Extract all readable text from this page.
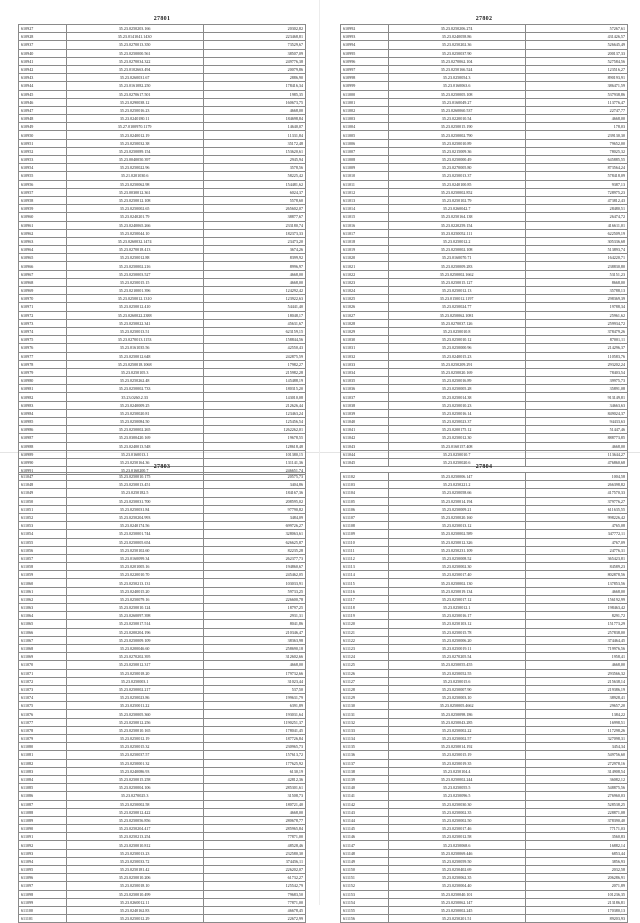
27801
610927	35.23.0250203.166	20302,82
610928	35.23.0141041.1430	223468,81
610937	35.23.0270013.350	73529,67
610940	35.23.0250000.561	38507,09
610941	35.23.0270034.322	249776,38
610942	35.23.0102663.494	20079,86
610943	35.23.0260031.67	2886,90
610944	35.23.0161082.250	178416,34
610945	35.23.0270617.501	1985,35
610946	35.23.0290038.12	160673,75
610947	35.23.0250016.23	4668,00
610948	35.23.0240180.11	184698,84
610949	35.27.0100970.1179	14640,07
610950	35.23.0240012.19	11331,84
610951	35.23.0250032.38	35172,48
610952	35.23.0250089.154	153620,61
610953	35.23.0040050.397	2945,94
610954	35.23.0250022.96	3578,56
610955	35.21.0201030.6	58225,42
610956	35.23.0250062.98	154481,62
610957	35.23.0030012.361	6024,37
610958	35.23.0250012.108	5578,60
610959	35.23.0250002.65	265602,07
610960	35.23.0240201.79	38877,67
610961	35.23.0240065.266	233180,74
610962	35.23.0250044.10	182373,33
610963	35.23.0260032.1474	23473,20
610964	35.23.0270018.413	3674,26
610965	35.23.0250012.88	8399,92
610966	35.23.0250002.216	8996,97
610967	35.23.0250003.527	4668,00
610968	35.23.0250015.15	4668,00
610969	35.23.0210001.396	124292,42
610970	35.23.0250012.1310	123922,63
610971	35.23.0250012.410	54441,40
610972	35.23.0260022.2388	18048,17
610973	35.23.0250022.341	45631,67
610974	35.23.0250013.51	623159,15
610975	35.23.0270013.1153	158844,56
610976	35.23.0161035.56	42550,43
610977	35.23.0250012.648	242875,59
610978	35.23.0250018.1068	17982,27
610979	35.23.0250105.3	215982,28
610980	35.23.0250262.48	145488,19
610981	35.23.0250002.733	180315,20
610982	35.23.0260.2.33	143010,08
610983	35.23.0240009.25	212626,44
610984	35.23.0250020.81	123463,24
610985	35.23.0250084.50	125456,54
610986	35.23.0250002.265	1262262,01
610987	35.23.0300420.169	19678,55
610988	35.23.0240013.548	128618,48
610989	35.23.0160013.1	101380,15
610990	35.23.0250164.36	131141,36
610991	35.23.0160200.7	246651,74
27802
610992	35.23.0250206.274	57267,61
610993	35.23.0240058.86	431426,57
610994	35.23.0250202.36	526645,49
610995	35.23.0250037.90	200137,33
610996	35.23.0270062.104	527584,56
610997	35.23.0250166.524	123516,27
610998	35.23.0250054.3	890193,91
610999	35.23.0160063.6	386471,59
611000	35.23.0250005.108	537938,86
611001	35.23.0160049.27	113776,47
611002	35.23.0260060.537	22747,77
611003	35.23.0220010.54	4668,00
611004	35.23.0250015.190	178,03
611005	35.23.0250002.790	239130,30
611006	35.23.0250010.89	79652,00
611007	35.23.0215009.36	78025,32
611008	35.23.0250000.49	645885,55
611009	35.23.0270005.80	873564,24
611010	35.23.0250013.37	578418,09
611011	35.23.0240100.85	9387,13
611012	35.23.0250002.852	728975,23
611013	35.23.0250102.79	473812,43
611014	35.23.0260042.7	28480,51
611015	35.23.0250164.138	26474,72
611016	35.23.0220259.154	416611,01
611017	35.23.0250052.111	622509,19
611018	35.23.0250012.2	305336,68
611019	35.23.0250002.108	513893,74
611020	35.23.0160070.71	164220,71
611021	35.23.0250009.283	238830,80
611022	35.23.0250002.1662	53151,23
611023	35.23.0250015.127	8668,00
611024	35.23.0250012.13	35788,13
611025	35.23.0150012.1197	298369,39
611026	35.23.0250024.77	19788,34
611027	35.23.0250062.1081	25961,62
611028	35.23.0270037.126	259934,72
611029	35.23.0250010.8	378479,26
611030	35.23.0250010.12	87001,11
611031	35.23.0250000.96	214296,37
611032	35.23.0240015.23	110583,76
611033	35.23.0250209.291	293202,24
611034	35.23.0250020.169	78403,54
611035	35.23.0250016.89	39975,73
611036	35.23.0250005.28	35891,08
611037	35.23.0250014.38	913149,81
611038	35.23.0250010.23	34663,63
611039	35.23.0250016.14	849024,37
611040	35.23.0250023.37	94433,63
611041	35.23.0200175.12	51447,46
611042	35.23.0250012.30	888773,85
611043	35.23.0160157.408	4668,00
611044	35.23.0250010.7	113644,27
611045	35.23.0250020.6	476860,68
27803
611047	35.23.0250010.175	20575,73
611048	35.23.0250013.451	3404,86
611049	35.23.0250182.5	184167,36
611050	35.23.0250031.700	208595,02
611051	35.23.0250031.84	97790,82
611052	35.23.0250204.993	3484,09
611053	35.23.0240174.56	699726,27
611054	35.23.0250001.744	328063,61
611055	35.23.0250005.654	626625,87
611056	35.23.0250102.60	82235,28
611057	35.23.0160099.34	262377,73
611058	35.23.0201005.16	194860,67
611059	35.23.0220010.70	245462,05
611060	35.23.0250213.131	103033,91
611061	35.23.0240015.20	59733,25
611062	35.23.0250079.16	226600,78
611063	35.23.0250010.124	18797,25
611064	35.23.0260097.398	2931,31
611065	35.23.0250017.514	8041,86
611066	35.23.0200204.196	210346,47
611067	35.23.0250009.109	38363,98
611068	35.23.0200046.60	258690,18
611069	35.23.0270202.395	312602,66
611070	35.23.0250012.317	4668,00
611071	35.23.0250018.20	179732,66
611072	35.23.0250003.1	31023,44
611073	35.23.0250002.217	537,50
611074	35.23.0250023.86	199631,79
611075	35.23.0250011.22	6391,89
611076	35.23.0250005.360	193031,64
611077	35.23.0250012.256	1190251,37
611078	35.23.0250010.165	178041,45
611079	35.23.0250012.19	187726,84
611080	35.23.0250015.32	230965,73
611081	35.23.0250037.57	157613,72
611082	35.23.0250001.32	177625,92
611083	35.23.0240086.93	6130,19
611084	35.23.0250015.258	42812,36
611085	35.23.0250004.106	285301,61
611086	35.23.0270025.3	31508,73
611087	35.23.0250002.58	180721,40
611088	35.23.0250012.422	4668,00
611089	35.23.0250056.856	280678,77
611090	35.23.0250204.417	285965,84
611091	35.23.0250213.254	77871,00
611092	35.23.0250010.812	48528,46
611093	35.23.0250013.23	232580,30
611094	35.23.0250033.72	374456,11
611095	35.23.0250181.42	226202,07
611096	35.23.0250010.206	61732,27
611097	35.23.0250018.10	125542,79
611098	35.23.0250010.499	79683,50
611099	35.23.0260012.11	77871,00
611100	35.23.0240162.83	46678,45
611101	35.23.0250012.29	22672,99
27804
611102	35.23.0250006.147	1004,58
611103	35.23.0250221.2	266398,82
611104	35.23.0250058.66	417570,33
611105	35.23.0250014.194	379776,27
611106	35.23.0250009.21	611635,55
611107	35.23.0250020.160	998226,42
611108	35.23.0250013.12	4765,08
611109	35.23.0250002.589	347772,11
611110	35.23.0250012.326	4767,09
611111	35.23.0250231.109	24776,31
611112	35.23.0250008.52	365423,81
611113	35.23.0250002.30	84589,23
611114	35.23.0250017.40	802878,56
611115	35.23.0250002.130	137853,56
611116	35.23.0250019.134	4668,00
611117	35.23.0250017.12	156192,99
611118	35.23.0250012.1	198463,42
611119	35.23.0250016.17	8291,72
611120	35.23.0250103.12	151773,29
611121	35.23.0250015.78	257838,00
611122	35.23.0250006.20	374464,45
611123	35.23.0250019.11	719976,56
611124	35.23.0270205.54	1958,41
611125	35.23.0250055.455	4668,00
611126	35.23.0250052.55	293566,32
611127	35.23.0250015.6	215638,14
611128	35.23.0250007.90	219386,19
611129	35.23.0250003.10	38928,41
611130	35.23.0250005.4662	29657,20
611131	35.23.0250098.186	1384,22
611132	35.23.0250043.285	16998,51
611133	35.23.0250002.22	117298,26
611134	35.23.0250002.57	327098,31
611135	35.23.0250014.192	3454,34
611136	35.23.0250015.19	549756,60
611137	35.23.0250019.35	272978,16
611138	35.23.0250104.4	314908,54
611139	35.23.0250002.244	36082,12
611140	35.23.0250055.5	548875,56
611141	35.23.0250096.5	276960,03
611142	35.23.0250030.30	528538,25
611143	35.23.0250002.35	228871,08
611144	35.23.0250002.50	378390,40
611145	35.23.0250017.46	77171,03
611146	35.23.0250012.58	3560,83
611147	35.23.0250068.6	16882,14
611148	35.23.0250069.446	6853,44
611149	35.23.0250059.50	3856,93
611150	35.23.0250402.69	2032,58
611151	35.23.0250062.35	206286,91
611152	35.23.0250004.40	2071,89
611153	35.23.0250040.101	101236,35
611154	35.23.0250062.147	213186,81
611155	35.23.0250002.245	170380,13
611156	35.23.0250201.51	89203,93
